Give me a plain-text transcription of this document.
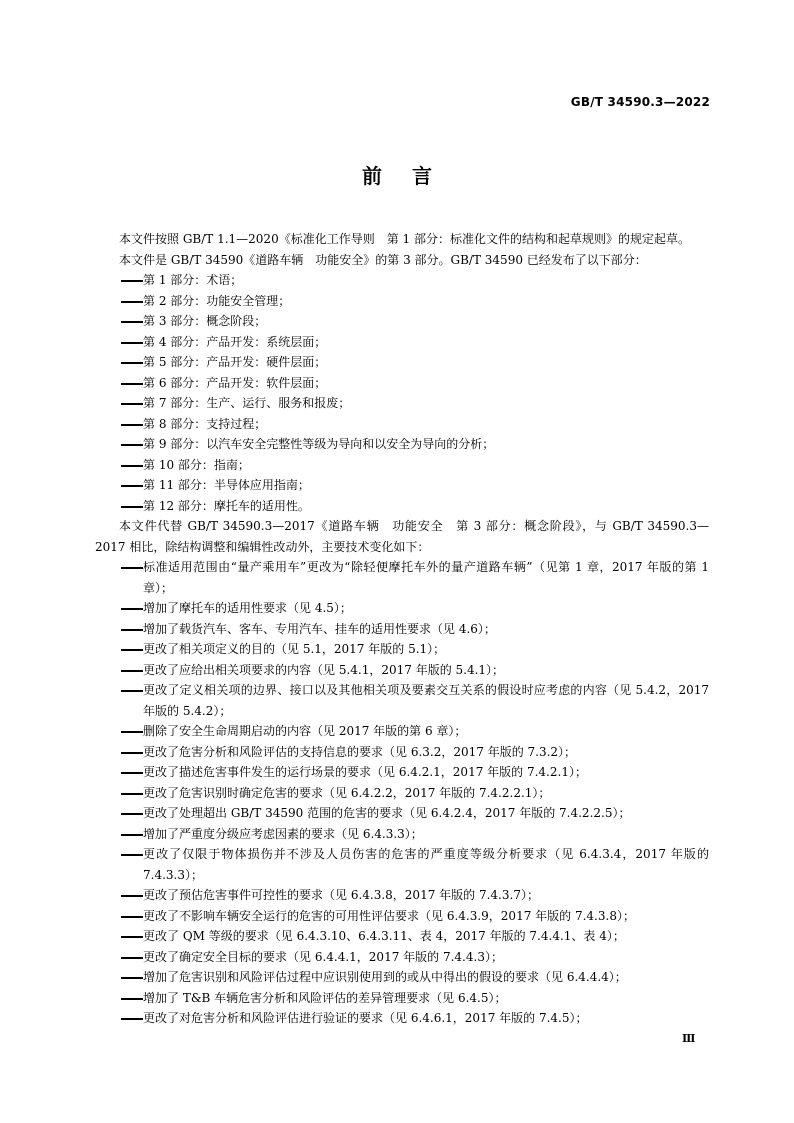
GB/T 34590.3—2022
前言

本文件按照 GB/T 1.1—2020《标准化工作导则　第 1 部分：标准化文件的结构和起草规则》的规定起草。

本文件是 GB/T 34590《道路车辆　功能安全》的第 3 部分。GB/T 34590 已经发布了以下部分：

第 1 部分：术语；

第 2 部分：功能安全管理；

第 3 部分：概念阶段；

第 4 部分：产品开发：系统层面；

第 5 部分：产品开发：硬件层面；

第 6 部分：产品开发：软件层面；

第 7 部分：生产、运行、服务和报废；

第 8 部分：支持过程；

第 9 部分：以汽车安全完整性等级为导向和以安全为导向的分析；

第 10 部分：指南；

第 11 部分：半导体应用指南；

第 12 部分：摩托车的适用性。

本文件代替 GB/T 34590.3—2017《道路车辆　功能安全　第 3 部分：概念阶段》，与 GB/T 34590.3—2017 相比，除结构调整和编辑性改动外，主要技术变化如下：

标准适用范围由“量产乘用车”更改为“除轻便摩托车外的量产道路车辆”（见第 1 章，2017 年版的第 1 章）；

增加了摩托车的适用性要求（见 4.5）；

增加了载货汽车、客车、专用汽车、挂车的适用性要求（见 4.6）；

更改了相关项定义的目的（见 5.1，2017 年版的 5.1）；

更改了应给出相关项要求的内容（见 5.4.1，2017 年版的 5.4.1）；

更改了定义相关项的边界、接口以及其他相关项及要素交互关系的假设时应考虑的内容（见 5.4.2，2017 年版的 5.4.2）；

删除了安全生命周期启动的内容（见 2017 年版的第 6 章）；

更改了危害分析和风险评估的支持信息的要求（见 6.3.2，2017 年版的 7.3.2）；

更改了描述危害事件发生的运行场景的要求（见 6.4.2.1，2017 年版的 7.4.2.1）；

更改了危害识别时确定危害的要求（见 6.4.2.2，2017 年版的 7.4.2.2.1）；

更改了处理超出 GB/T 34590 范围的危害的要求（见 6.4.2.4，2017 年版的 7.4.2.2.5）；

增加了严重度分级应考虑因素的要求（见 6.4.3.3）；

更改了仅限于物体损伤并不涉及人员伤害的危害的严重度等级分析要求（见 6.4.3.4，2017 年版的 7.4.3.3）；

更改了预估危害事件可控性的要求（见 6.4.3.8，2017 年版的 7.4.3.7）；

更改了不影响车辆安全运行的危害的可用性评估要求（见 6.4.3.9，2017 年版的 7.4.3.8）；

更改了 QM 等级的要求（见 6.4.3.10、6.4.3.11、表 4，2017 年版的 7.4.4.1、表 4）；

更改了确定安全目标的要求（见 6.4.4.1，2017 年版的 7.4.4.3）；

增加了危害识别和风险评估过程中应识别使用到的或从中得出的假设的要求（见 6.4.4.4）；

增加了 T&B 车辆危害分析和风险评估的差异管理要求（见 6.4.5）；

更改了对危害分析和风险评估进行验证的要求（见 6.4.6.1，2017 年版的 7.4.5）；

Ⅲ
